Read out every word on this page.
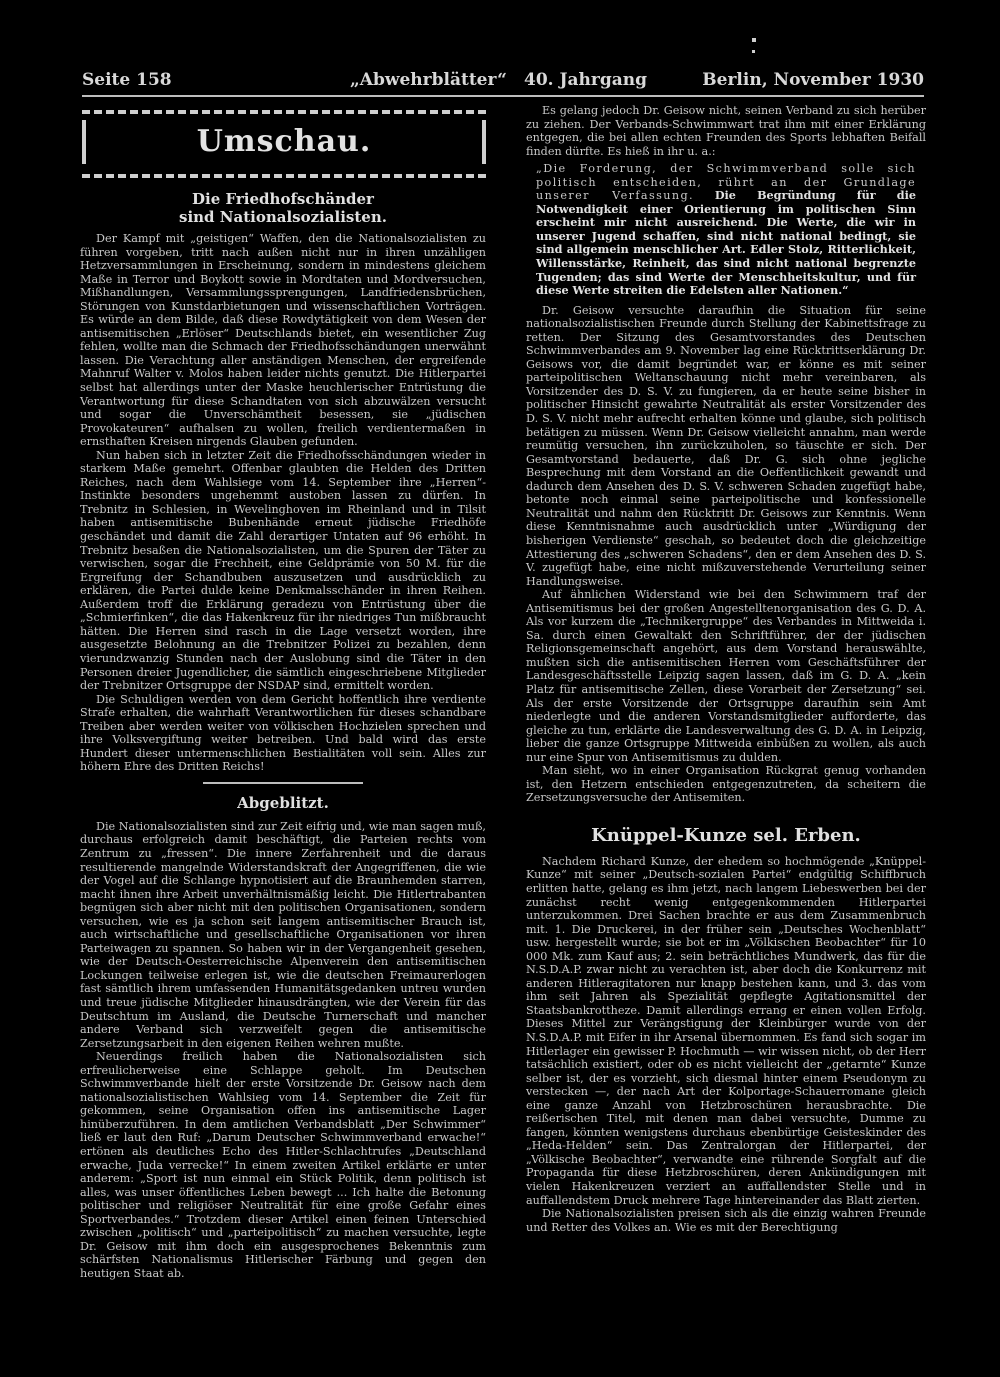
Seite 158	„Abwehrblätter“ 40. Jahrgang	Berlin, November 1930
Umschau.
Die Friedhofschänder
sind Nationalsozialisten.

Der Kampf mit „geistigen“ Waffen, den die Nationalsozialisten zu führen vorgeben, tritt nach außen nicht nur in ihren unzähligen Hetzversammlungen in Erscheinung, sondern in mindestens gleichem Maße in Terror und Boykott sowie in Mordtaten und Mordversuchen, Mißhandlungen, Versammlungssprengungen, Landfriedensbrüchen, Störungen von Kunstdarbietungen und wissenschaftlichen Vorträgen. Es würde an dem Bilde, daß diese Rowdytätigkeit von dem Wesen der antisemitischen „Erlöser“ Deutschlands bietet, ein wesentlicher Zug fehlen, wollte man die Schmach der Friedhofsschändungen unerwähnt lassen. Die Verachtung aller anständigen Menschen, der ergreifende Mahnruf Walter v. Molos haben leider nichts genutzt. Die Hitlerpartei selbst hat allerdings unter der Maske heuchlerischer Entrüstung die Verantwortung für diese Schandtaten von sich abzuwälzen versucht und sogar die Unverschämtheit besessen, sie „jüdischen Provokateuren“ aufhalsen zu wollen, freilich verdientermaßen in ernsthaften Kreisen nirgends Glauben gefunden.

Nun haben sich in letzter Zeit die Friedhofsschändungen wieder in starkem Maße gemehrt. Offenbar glaubten die Helden des Dritten Reiches, nach dem Wahlsiege vom 14. September ihre „Herren“-Instinkte besonders ungehemmt austoben lassen zu dürfen. In Trebnitz in Schlesien, in Wevelinghoven im Rheinland und in Tilsit haben antisemitische Bubenhände erneut jüdische Friedhöfe geschändet und damit die Zahl derartiger Untaten auf 96 erhöht. In Trebnitz besaßen die Nationalsozialisten, um die Spuren der Täter zu verwischen, sogar die Frechheit, eine Geldprämie von 50 M. für die Ergreifung der Schandbuben auszusetzen und ausdrücklich zu erklären, die Partei dulde keine Denkmalsschänder in ihren Reihen. Außerdem troff die Erklärung geradezu von Entrüstung über die „Schmierfinken“, die das Hakenkreuz für ihr niedriges Tun mißbraucht hätten. Die Herren sind rasch in die Lage versetzt worden, ihre ausgesetzte Belohnung an die Trebnitzer Polizei zu bezahlen, denn vierundzwanzig Stunden nach der Auslobung sind die Täter in den Personen dreier Jugendlicher, die sämtlich eingeschriebene Mitglieder der Trebnitzer Ortsgruppe der NSDAP sind, ermittelt worden.

Die Schuldigen werden von dem Gericht hoffentlich ihre verdiente Strafe erhalten, die wahrhaft Verantwortlichen für dieses schandbare Treiben aber werden weiter von völkischen Hochzielen sprechen und ihre Volksvergiftung weiter betreiben. Und bald wird das erste Hundert dieser untermenschlichen Bestialitäten voll sein. Alles zur höhern Ehre des Dritten Reichs!

Abgeblitzt.

Die Nationalsozialisten sind zur Zeit eifrig und, wie man sagen muß, durchaus erfolgreich damit beschäftigt, die Parteien rechts vom Zentrum zu „fressen“. Die innere Zerfahrenheit und die daraus resultierende mangelnde Widerstandskraft der Angegriffenen, die wie der Vogel auf die Schlange hypnotisiert auf die Braunhemden starren, macht ihnen ihre Arbeit unverhältnismäßig leicht. Die Hitlertrabanten begnügen sich aber nicht mit den politischen Organisationen, sondern versuchen, wie es ja schon seit langem antisemitischer Brauch ist, auch wirtschaftliche und gesellschaftliche Organisationen vor ihren Parteiwagen zu spannen. So haben wir in der Vergangenheit gesehen, wie der Deutsch-Oesterreichische Alpenverein den antisemitischen Lockungen teilweise erlegen ist, wie die deutschen Freimaurerlogen fast sämtlich ihrem umfassenden Humanitätsgedanken untreu wurden und treue jüdische Mitglieder hinausdrängten, wie der Verein für das Deutschtum im Ausland, die Deutsche Turnerschaft und mancher andere Verband sich verzweifelt gegen die antisemitische Zersetzungsarbeit in den eigenen Reihen wehren mußte.

Neuerdings freilich haben die Nationalsozialisten sich erfreulicherweise eine Schlappe geholt. Im Deutschen Schwimmverbande hielt der erste Vorsitzende Dr. Geisow nach dem nationalsozialistischen Wahlsieg vom 14. September die Zeit für gekommen, seine Organisation offen ins antisemitische Lager hinüberzuführen. In dem amtlichen Verbandsblatt „Der Schwimmer“ ließ er laut den Ruf: „Darum Deutscher Schwimmverband erwache!“ ertönen als deutliches Echo des Hitler-Schlachtrufes „Deutschland erwache, Juda verrecke!“ In einem zweiten Artikel erklärte er unter anderem: „Sport ist nun einmal ein Stück Politik, denn politisch ist alles, was unser öffentliches Leben bewegt ... Ich halte die Betonung politischer und religiöser Neutralität für eine große Gefahr eines Sportverbandes.“ Trotzdem dieser Artikel einen feinen Unterschied zwischen „politisch“ und „parteipolitisch“ zu machen versuchte, legte Dr. Geisow mit ihm doch ein ausgesprochenes Bekenntnis zum schärfsten Nationalismus Hitlerischer Färbung und gegen den heutigen Staat ab.

Es gelang jedoch Dr. Geisow nicht, seinen Verband zu sich herüber zu ziehen. Der Verbands-Schwimmwart trat ihm mit einer Erklärung entgegen, die bei allen echten Freunden des Sports lebhaften Beifall finden dürfte. Es hieß in ihr u. a.:

„Die Forderung, der Schwimmverband solle sich politisch entscheiden, rührt an der Grundlage unserer Verfassung. Die Begründung für die Notwendigkeit einer Orientierung im politischen Sinn erscheint mir nicht ausreichend. Die Werte, die wir in unserer Jugend schaffen, sind nicht national bedingt, sie sind allgemein menschlicher Art. Edler Stolz, Ritterlichkeit, Willensstärke, Reinheit, das sind nicht national begrenzte Tugenden; das sind Werte der Menschheitskultur, und für diese Werte streiten die Edelsten aller Nationen.“

Dr. Geisow versuchte daraufhin die Situation für seine nationalsozialistischen Freunde durch Stellung der Kabinettsfrage zu retten. Der Sitzung des Gesamtvorstandes des Deutschen Schwimmverbandes am 9. November lag eine Rücktrittserklärung Dr. Geisows vor, die damit begründet war, er könne es mit seiner parteipolitischen Weltanschauung nicht mehr vereinbaren, als Vorsitzender des D. S. V. zu fungieren, da er heute seine bisher in politischer Hinsicht gewahrte Neutralität als erster Vorsitzender des D. S. V. nicht mehr aufrecht erhalten könne und glaube, sich politisch betätigen zu müssen. Wenn Dr. Geisow vielleicht annahm, man werde reumütig versuchen, ihn zurückzuholen, so täuschte er sich. Der Gesamtvorstand bedauerte, daß Dr. G. sich ohne jegliche Besprechung mit dem Vorstand an die Oeffentlichkeit gewandt und dadurch dem Ansehen des D. S. V. schweren Schaden zugefügt habe, betonte noch einmal seine parteipolitische und konfessionelle Neutralität und nahm den Rücktritt Dr. Geisows zur Kenntnis. Wenn diese Kenntnisnahme auch ausdrücklich unter „Würdigung der bisherigen Verdienste“ geschah, so bedeutet doch die gleichzeitige Attestierung des „schweren Schadens“, den er dem Ansehen des D. S. V. zugefügt habe, eine nicht mißzuverstehende Verurteilung seiner Handlungsweise.

Auf ähnlichen Widerstand wie bei den Schwimmern traf der Antisemitismus bei der großen Angestelltenorganisation des G. D. A. Als vor kurzem die „Technikergruppe“ des Verbandes in Mittweida i. Sa. durch einen Gewaltakt den Schriftführer, der der jüdischen Religionsgemeinschaft angehört, aus dem Vorstand herauswählte, mußten sich die antisemitischen Herren vom Geschäftsführer der Landesgeschäftsstelle Leipzig sagen lassen, daß im G. D. A. „kein Platz für antisemitische Zellen, diese Vorarbeit der Zersetzung“ sei. Als der erste Vorsitzende der Ortsgruppe daraufhin sein Amt niederlegte und die anderen Vorstandsmitglieder aufforderte, das gleiche zu tun, erklärte die Landesverwaltung des G. D. A. in Leipzig, lieber die ganze Ortsgruppe Mittweida einbüßen zu wollen, als auch nur eine Spur von Antisemitismus zu dulden.

Man sieht, wo in einer Organisation Rückgrat genug vorhanden ist, den Hetzern entschieden entgegenzutreten, da scheitern die Zersetzungsversuche der Antisemiten.

Knüppel-Kunze sel. Erben.

Nachdem Richard Kunze, der ehedem so hochmögende „Knüppel-Kunze“ mit seiner „Deutsch-sozialen Partei“ endgültig Schiffbruch erlitten hatte, gelang es ihm jetzt, nach langem Liebeswerben bei der zunächst recht wenig entgegenkommenden Hitlerpartei unterzukommen. Drei Sachen brachte er aus dem Zusammenbruch mit. 1. Die Druckerei, in der früher sein „Deutsches Wochenblatt“ usw. hergestellt wurde; sie bot er im „Völkischen Beobachter“ für 10 000 Mk. zum Kauf aus; 2. sein beträchtliches Mundwerk, das für die N.S.D.A.P. zwar nicht zu verachten ist, aber doch die Konkurrenz mit anderen Hitleragitatoren nur knapp bestehen kann, und 3. das vom ihm seit Jahren als Spezialität gepflegte Agitationsmittel der Staatsbankrottheze. Damit allerdings errang er einen vollen Erfolg. Dieses Mittel zur Verängstigung der Kleinbürger wurde von der N.S.D.A.P. mit Eifer in ihr Arsenal übernommen. Es fand sich sogar im Hitlerlager ein gewisser P. Hochmuth — wir wissen nicht, ob der Herr tatsächlich existiert, oder ob es nicht vielleicht der „getarnte“ Kunze selber ist, der es vorzieht, sich diesmal hinter einem Pseudonym zu verstecken —, der nach Art der Kolportage-Schauerromane gleich eine ganze Anzahl von Hetzbroschüren herausbrachte. Die reißerischen Titel, mit denen man dabei versuchte, Dumme zu fangen, könnten wenigstens durchaus ebenbürtige Geisteskinder des „Heda-Helden“ sein. Das Zentralorgan der Hitlerpartei, der „Völkische Beobachter“, verwandte eine rührende Sorgfalt auf die Propaganda für diese Hetzbroschüren, deren Ankündigungen mit vielen Hakenkreuzen verziert an auffallendster Stelle und in auffallendstem Druck mehrere Tage hintereinander das Blatt zierten.

Die Nationalsozialisten preisen sich als die einzig wahren Freunde und Retter des Volkes an. Wie es mit der Berechtigung
